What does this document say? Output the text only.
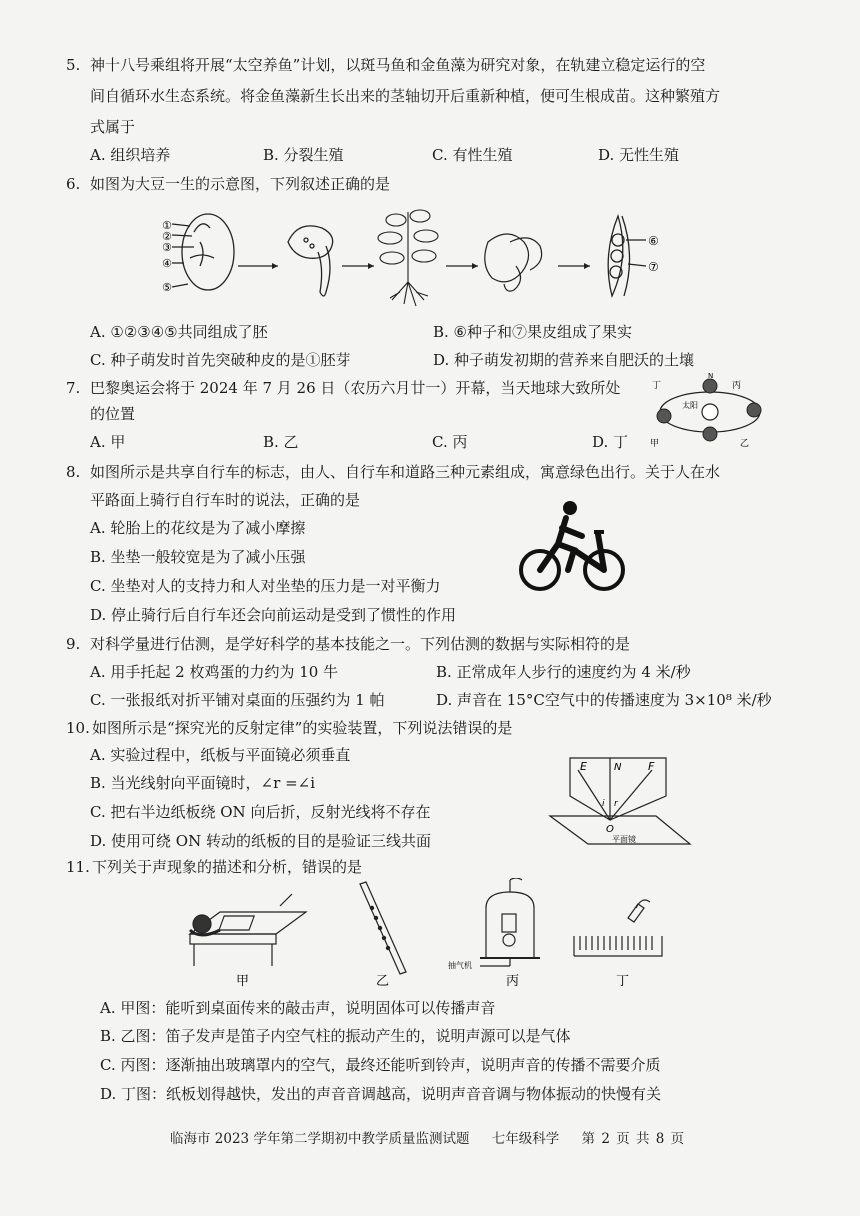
5. 神十八号乘组将开展“太空养鱼”计划，以斑马鱼和金鱼藻为研究对象，在轨建立稳定运行的空
间自循环水生态系统。将金鱼藻新生长出来的茎轴切开后重新种植，便可生根成苗。这种繁殖方
式属于
A. 组织培养	B. 分裂生殖	C. 有性生殖	D. 无性生殖
6. 如图为大豆一生的示意图，下列叙述正确的是
①
②
③
④
⑤
⑥
⑦
A. ①②③④⑤共同组成了胚	B. ⑥种子和⑦果皮组成了果实
C. 种子萌发时首先突破种皮的是①胚芽	D. 种子萌发初期的营养来自肥沃的土壤
7. 巴黎奥运会将于 2024 年 7 月 26 日（农历六月廿一）开幕，当天地球大致所处
的位置
A. 甲	B. 乙	C. 丙	D. 丁
太阳
N
丁	丙
甲	乙
8. 如图所示是共享自行车的标志，由人、自行车和道路三种元素组成，寓意绿色出行。关于人在水
平路面上骑行自行车时的说法，正确的是
A. 轮胎上的花纹是为了减小摩擦
B. 坐垫一般较宽是为了减小压强
C. 坐垫对人的支持力和人对坐垫的压力是一对平衡力
D. 停止骑行后自行车还会向前运动是受到了惯性的作用
9. 对科学量进行估测，是学好科学的基本技能之一。下列估测的数据与实际相符的是
A. 用手托起 2 枚鸡蛋的力约为 10 牛	B. 正常成年人步行的速度约为 4 米/秒
C. 一张报纸对折平铺对桌面的压强约为 1 帕	D. 声音在 15°C空气中的传播速度为 3×10⁸ 米/秒
10. 如图所示是“探究光的反射定律”的实验装置，下列说法错误的是
A. 实验过程中，纸板与平面镜必须垂直
B. 当光线射向平面镜时，∠r =∠i
C. 把右半边纸板绕 ON 向后折，反射光线将不存在
D. 使用可绕 ON 转动的纸板的目的是验证三线共面
E	N F
i r
O
平面镜
11. 下列关于声现象的描述和分析，错误的是
甲	乙
抽气机
丙	丁
A. 甲图：能听到桌面传来的敲击声，说明固体可以传播声音
B. 乙图：笛子发声是笛子内空气柱的振动产生的，说明声源可以是气体
C. 丙图：逐渐抽出玻璃罩内的空气，最终还能听到铃声，说明声音的传播不需要介质
D. 丁图：纸板划得越快，发出的声音音调越高，说明声音音调与物体振动的快慢有关
临海市 2023 学年第二学期初中教学质量监测试题 七年级科学 第 2 页 共 8 页
